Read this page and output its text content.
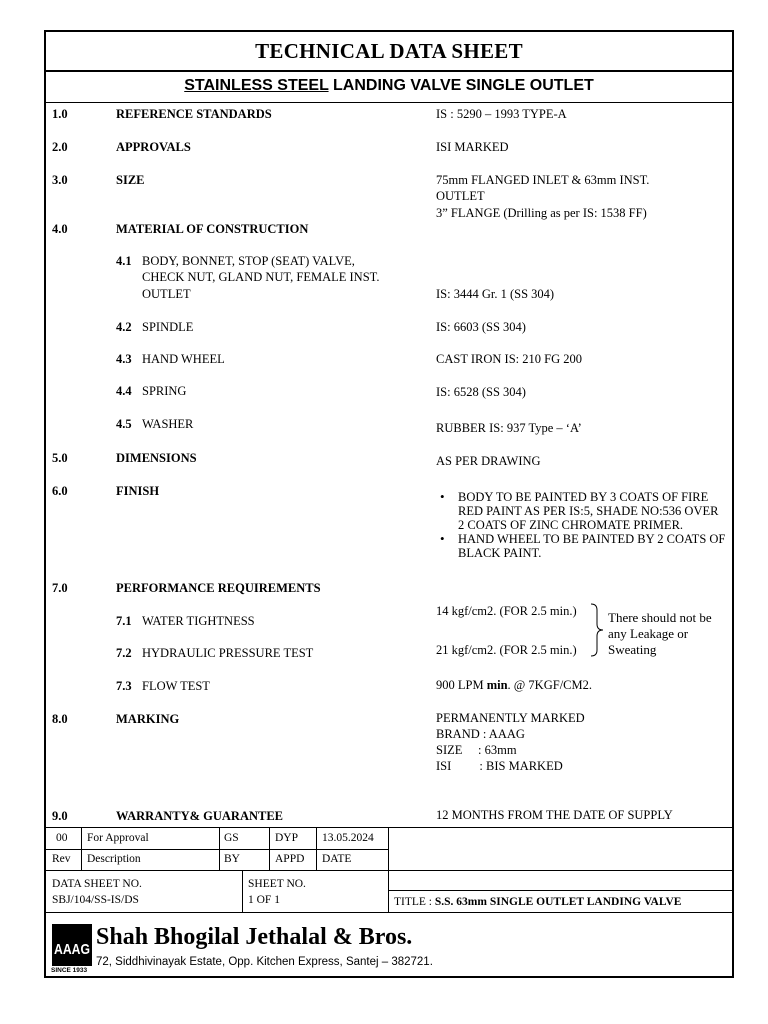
TECHNICAL DATA SHEET
STAINLESS STEEL LANDING VALVE SINGLE OUTLET
1.0	REFERENCE STANDARDS	IS : 5290 – 1993 TYPE-A
2.0	APPROVALS	ISI MARKED
3.0	SIZE	75mm FLANGED INLET & 63mm INST.
OUTLET
3” FLANGE (Drilling as per IS: 1538 FF)
4.0	MATERIAL OF CONSTRUCTION
4.1 BODY, BONNET, STOP (SEAT) VALVE,
CHECK NUT, GLAND NUT, FEMALE INST.
OUTLET	IS: 3444 Gr. 1 (SS 304)
4.2 SPINDLE	IS: 6603 (SS 304)
4.3 HAND WHEEL	CAST IRON IS: 210 FG 200
4.4 SPRING	IS: 6528 (SS 304)
4.5 WASHER	RUBBER IS: 937 Type – ‘A’
5.0	DIMENSIONS	AS PER DRAWING
6.0	FINISH
•	BODY TO BE PAINTED BY 3 COATS OF FIRE RED PAINT AS PER IS:5, SHADE NO:536 OVER 2 COATS OF ZINC CHROMATE PRIMER.
• HAND WHEEL TO BE PAINTED BY 2 COATS OF BLACK PAINT.
7.0	PERFORMANCE REQUIREMENTS
7.1 WATER TIGHTNESS
14 kgf/cm2. (FOR 2.5 min.)
7.2 HYDRAULIC PRESSURE TEST	21 kgf/cm2. (FOR 2.5 min.)
There should not be any Leakage or Sweating
7.3 FLOW TEST	900 LPM min. @ 7KGF/CM2.
8.0	MARKING	PERMANENTLY MARKED
BRAND : AAAG
SIZE     : 63mm
ISI         : BIS MARKED
9.0	WARRANTY& GUARANTEE	12 MONTHS FROM THE DATE OF SUPPLY
00 For Approval	GS	DYP 13.05.2024
Rev Description	BY	APPD DATE
DATA SHEET NO.
SBJ/104/SS-IS/DS
SHEET NO.
1 OF 1	TITLE : S.S. 63mm SINGLE OUTLET LANDING VALVE
AAAG
SINCE 1933
Shah Bhogilal Jethalal & Bros.
72, Siddhivinayak Estate, Opp. Kitchen Express, Santej – 382721.
